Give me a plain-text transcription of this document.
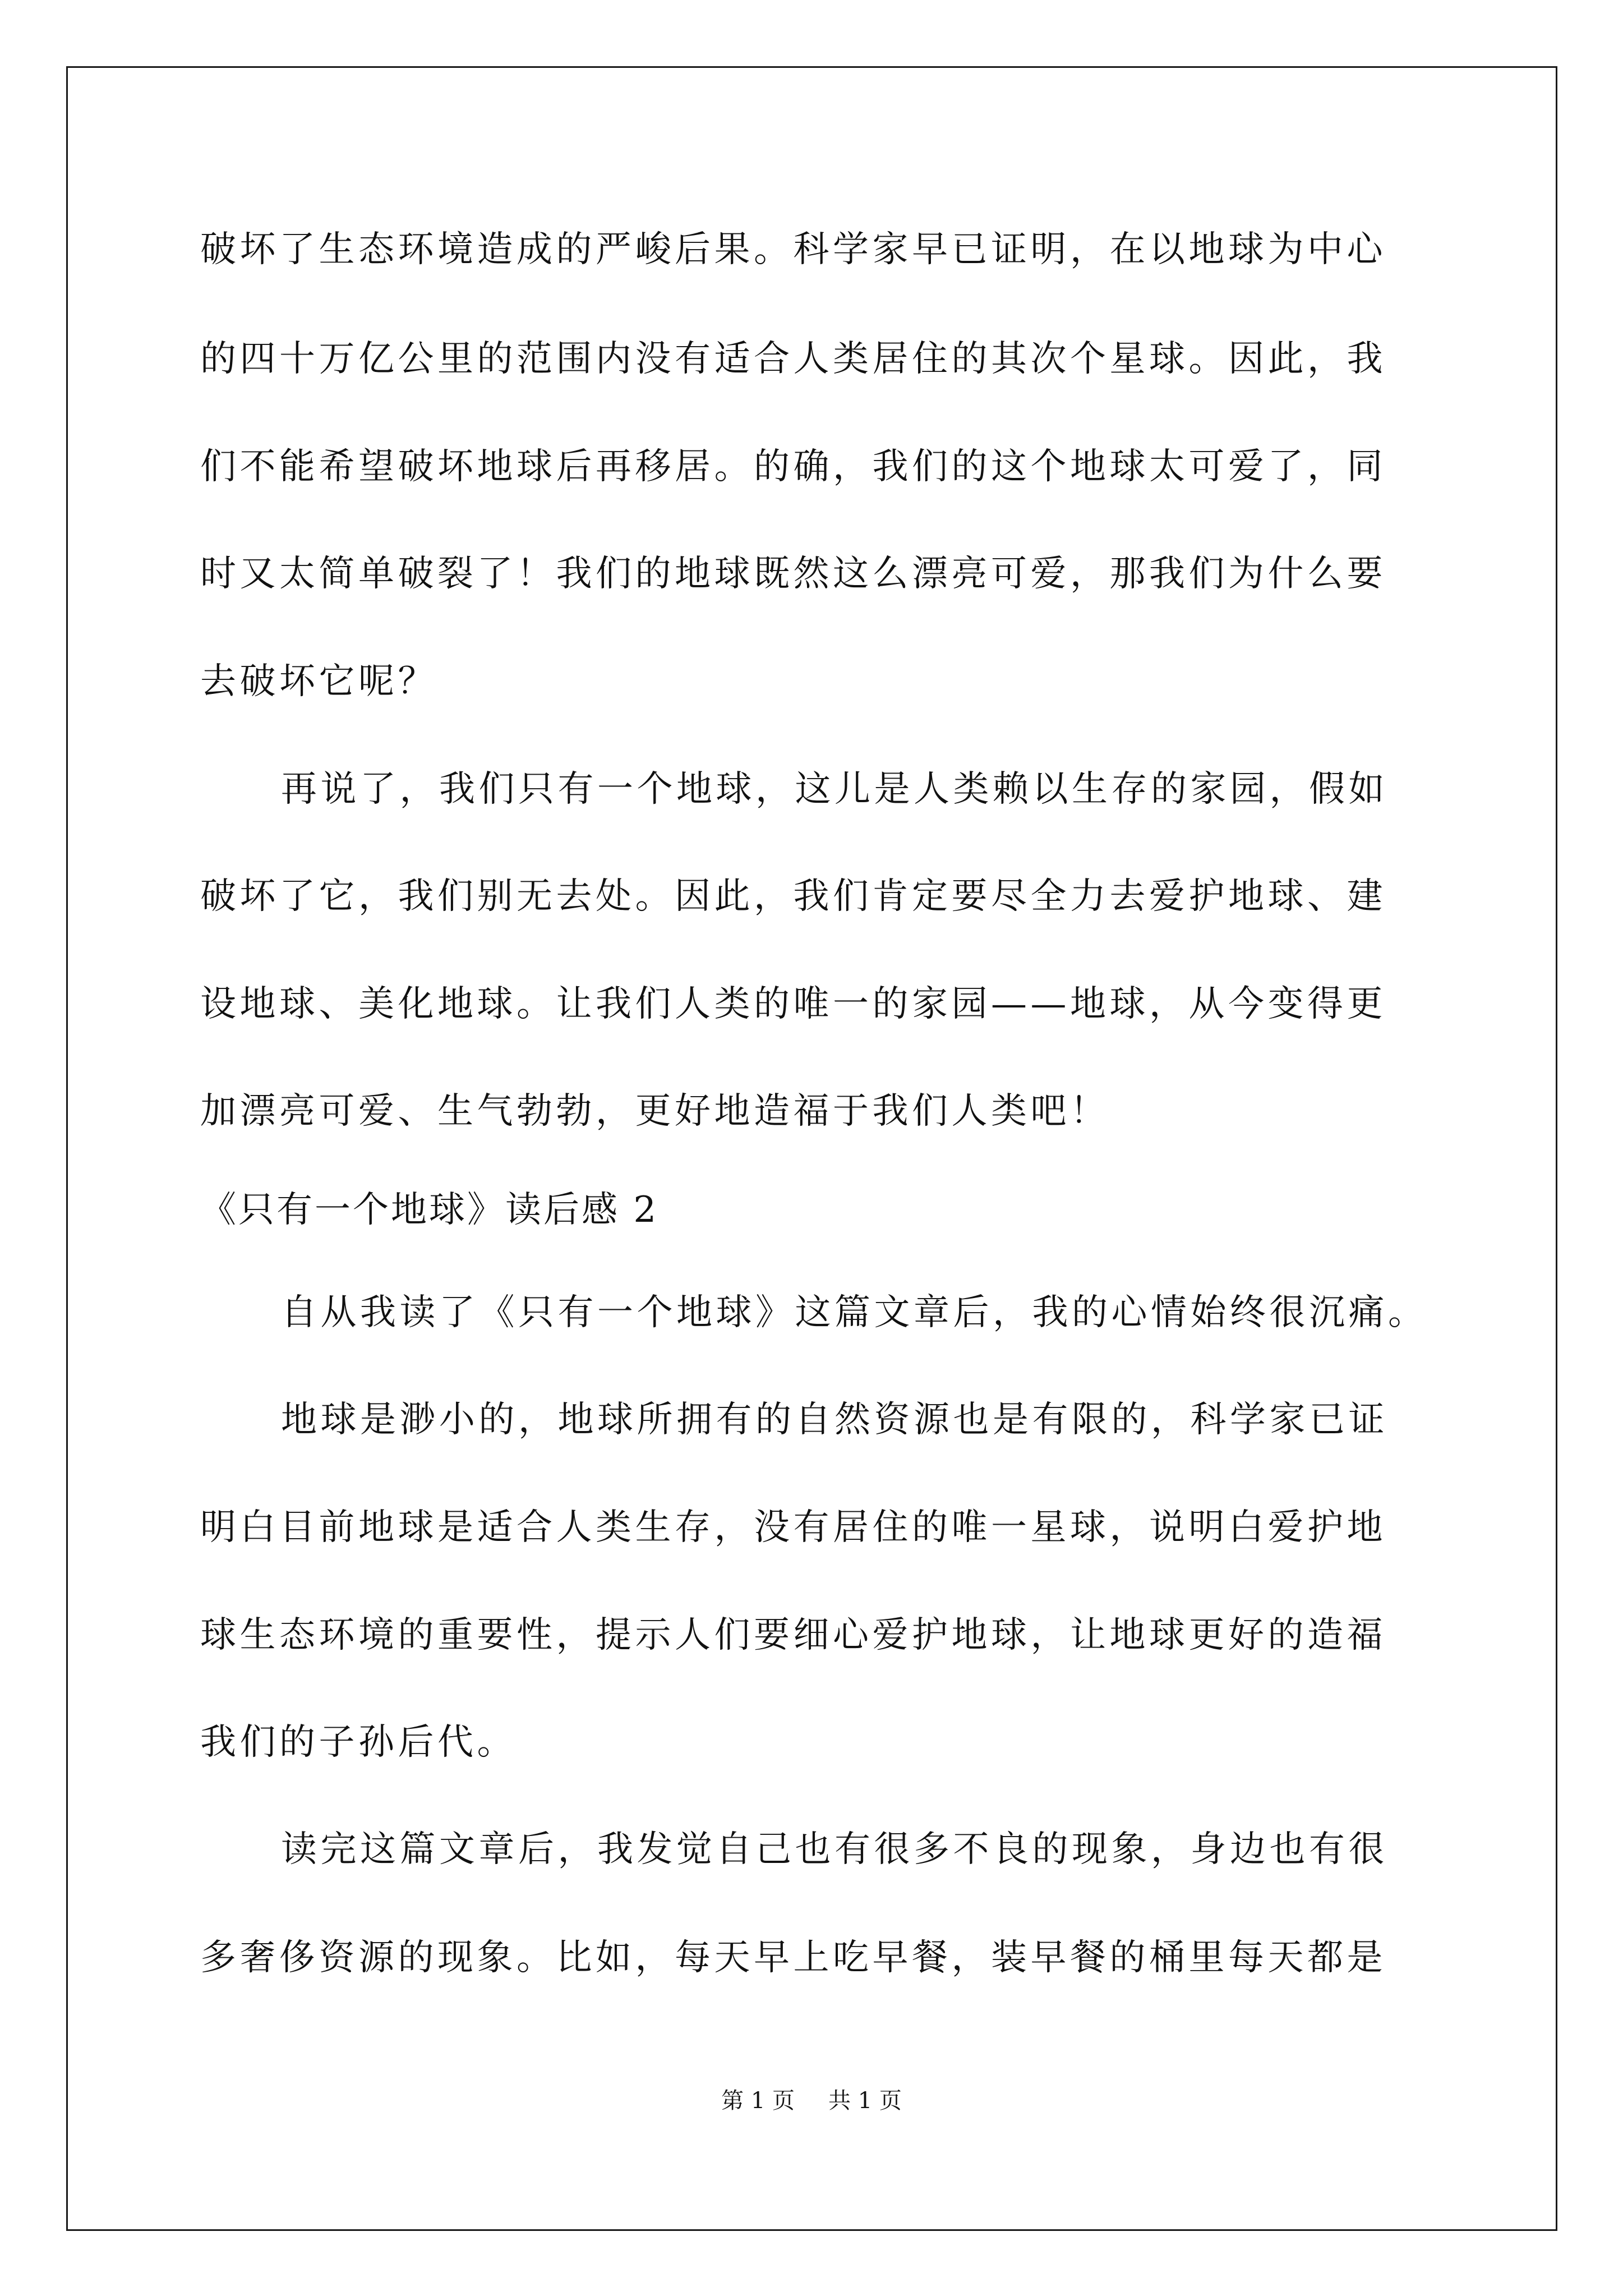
破坏了生态环境造成的严峻后果。科学家早已证明，在以地球为中心
的四十万亿公里的范围内没有适合人类居住的其次个星球。因此，我
们不能希望破坏地球后再移居。的确，我们的这个地球太可爱了，同
时又太简单破裂了！我们的地球既然这么漂亮可爱，那我们为什么要
去破坏它呢？
再说了，我们只有一个地球，这儿是人类赖以生存的家园，假如
破坏了它，我们别无去处。因此，我们肯定要尽全力去爱护地球、建
设地球、美化地球。让我们人类的唯一的家园——地球，从今变得更
加漂亮可爱、生气勃勃，更好地造福于我们人类吧！
《只有一个地球》读后感 2
自从我读了《只有一个地球》这篇文章后，我的心情始终很沉痛。
地球是渺小的，地球所拥有的自然资源也是有限的，科学家已证
明白目前地球是适合人类生存，没有居住的唯一星球，说明白爱护地
球生态环境的重要性，提示人们要细心爱护地球，让地球更好的造福
我们的子孙后代。
读完这篇文章后，我发觉自己也有很多不良的现象，身边也有很
多奢侈资源的现象。比如，每天早上吃早餐，装早餐的桶里每天都是
第 1 页 共 1 页
